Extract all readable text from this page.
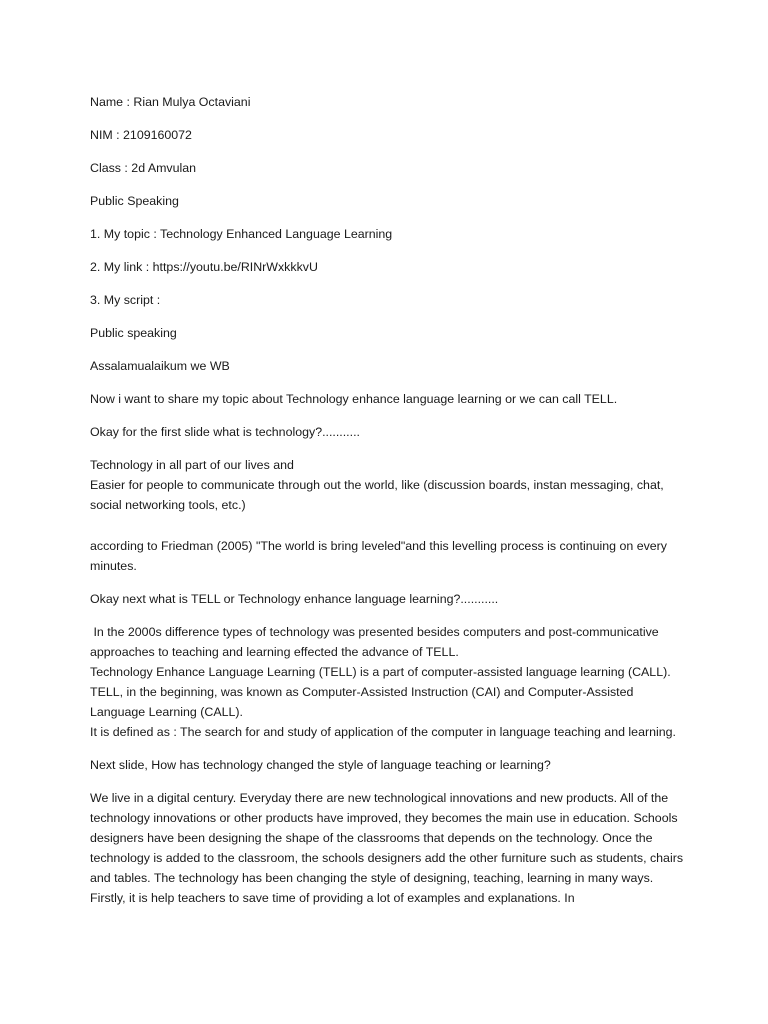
Name : Rian Mulya Octaviani
NIM : 2109160072
Class : 2d Amvulan
Public Speaking
1. My topic : Technology Enhanced Language Learning
2. My link : https://youtu.be/RINrWxkkkvU
3. My script :
Public speaking
Assalamualaikum we WB
Now i want to share my topic about Technology enhance language learning or we can call TELL.
Okay for the first slide what is technology?...........
Technology in all part of our lives and
Easier for people to communicate through out the world, like (discussion boards, instan messaging, chat, social networking tools, etc.)
according to Friedman (2005) "The world is bring leveled"and this levelling process is continuing on every minutes.
Okay next what is TELL or Technology enhance language learning?...........
In the 2000s difference types of technology was presented besides computers and post-communicative approaches to teaching and learning effected the advance of TELL.
Technology Enhance Language Learning (TELL) is a part of computer-assisted language learning (CALL).
TELL, in the beginning, was known as Computer-Assisted Instruction (CAI) and Computer-Assisted Language Learning (CALL).
It is defined as : The search for and study of application of the computer in language teaching and learning.
Next slide, How has technology changed the style of language teaching or learning?
We live in a digital century. Everyday there are new technological innovations and new products. All of the technology innovations or other products have improved, they becomes the main use in education. Schools designers have been designing the shape of the classrooms that depends on the technology. Once the technology is added to the classroom, the schools designers add the other furniture such as students, chairs and tables. The technology has been changing the style of designing, teaching, learning in many ways. Firstly, it is help teachers to save time of providing a lot of examples and explanations. In
